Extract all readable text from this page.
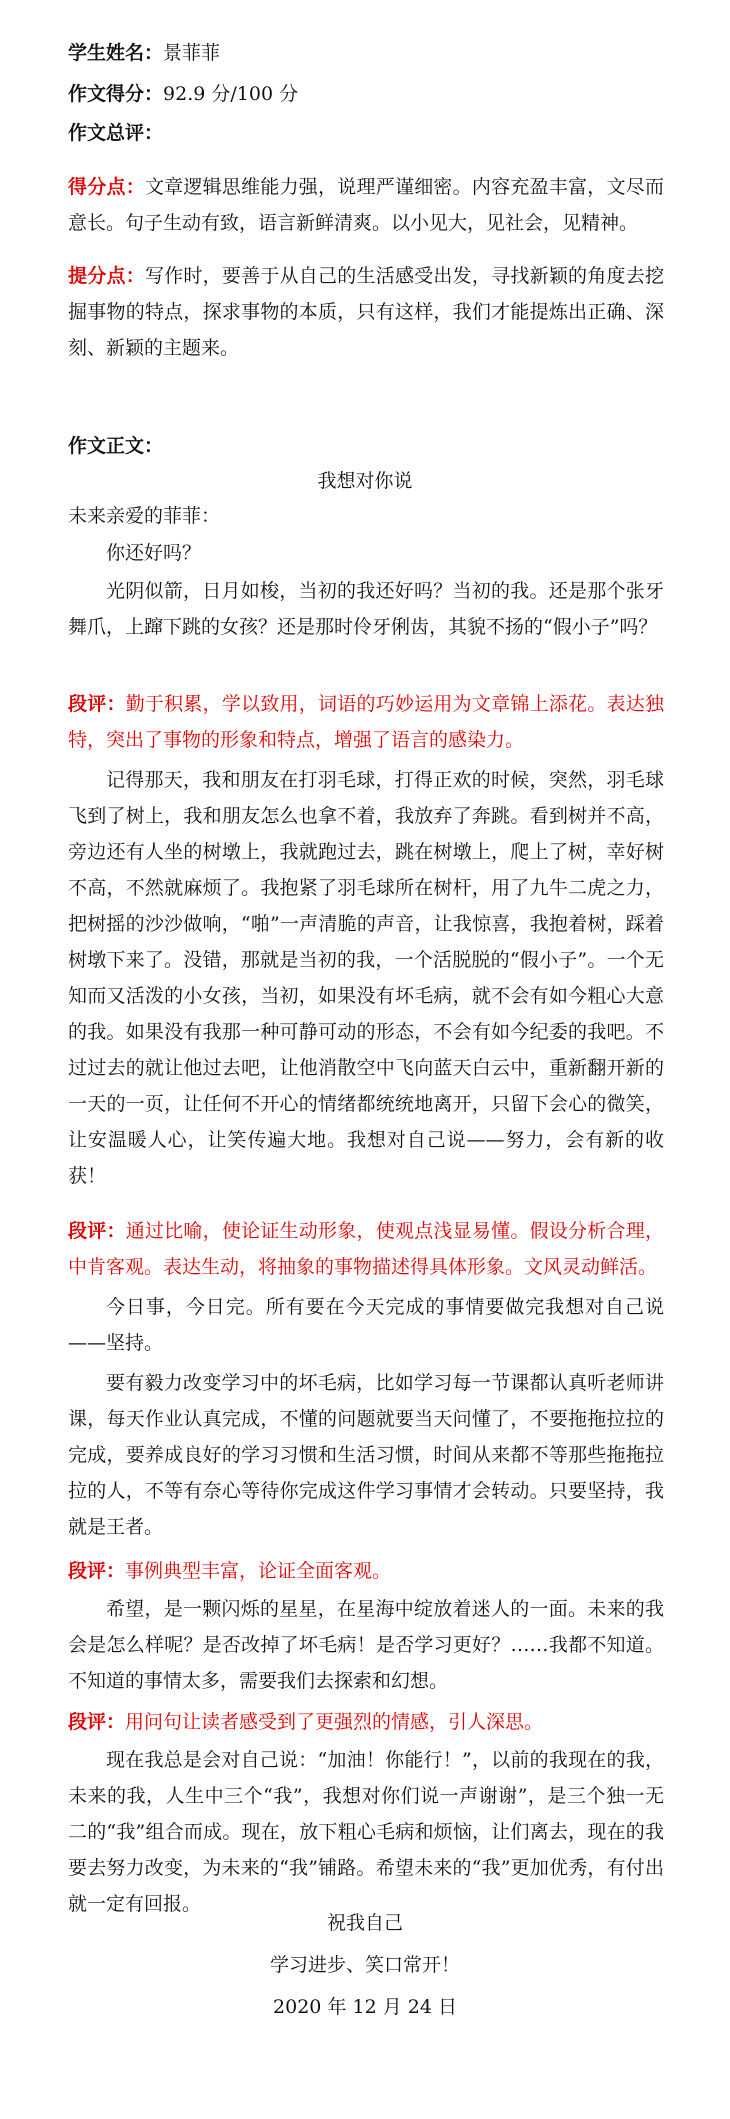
学生姓名：景菲菲

作文得分：92.9 分/100 分

作文总评：

得分点：文章逻辑思维能力强，说理严谨细密。内容充盈丰富，文尽而意长。句子生动有致，语言新鲜清爽。以小见大，见社会，见精神。

提分点：写作时，要善于从自己的生活感受出发，寻找新颖的角度去挖掘事物的特点，探求事物的本质，只有这样，我们才能提炼出正确、深刻、新颖的主题来。

作文正文：

我想对你说

未来亲爱的菲菲：

你还好吗？

光阴似箭，日月如梭，当初的我还好吗？当初的我。还是那个张牙舞爪，上蹿下跳的女孩？还是那时伶牙俐齿，其貌不扬的“假小子”吗？

段评：勤于积累，学以致用，词语的巧妙运用为文章锦上添花。表达独特，突出了事物的形象和特点，增强了语言的感染力。

记得那天，我和朋友在打羽毛球，打得正欢的时候，突然，羽毛球飞到了树上，我和朋友怎么也拿不着，我放弃了奔跳。看到树并不高，旁边还有人坐的树墩上，我就跑过去，跳在树墩上，爬上了树，幸好树不高，不然就麻烦了。我抱紧了羽毛球所在树杆，用了九牛二虎之力，把树摇的沙沙做响，“啪”一声清脆的声音，让我惊喜，我抱着树，踩着树墩下来了。没错，那就是当初的我，一个活脱脱的“假小子”。一个无知而又活泼的小女孩，当初，如果没有坏毛病，就不会有如今粗心大意的我。如果没有我那一种可静可动的形态，不会有如今纪委的我吧。不过过去的就让他过去吧，让他消散空中飞向蓝天白云中，重新翻开新的一天的一页，让任何不开心的情绪都统统地离开，只留下会心的微笑，让安温暖人心，让笑传遍大地。我想对自己说——努力，会有新的收获！

段评：通过比喻，使论证生动形象，使观点浅显易懂。假设分析合理，中肯客观。表达生动，将抽象的事物描述得具体形象。文风灵动鲜活。

今日事，今日完。所有要在今天完成的事情要做完我想对自己说——坚持。

要有毅力改变学习中的坏毛病，比如学习每一节课都认真听老师讲课，每天作业认真完成，不懂的问题就要当天问懂了，不要拖拖拉拉的完成，要养成良好的学习习惯和生活习惯，时间从来都不等那些拖拖拉拉的人，不等有奈心等待你完成这件学习事情才会转动。只要坚持，我就是王者。

段评：事例典型丰富，论证全面客观。

希望，是一颗闪烁的星星，在星海中绽放着迷人的一面。未来的我会是怎么样呢？是否改掉了坏毛病！是否学习更好？……我都不知道。不知道的事情太多，需要我们去探索和幻想。

段评：用问句让读者感受到了更强烈的情感，引人深思。

现在我总是会对自己说：“加油！你能行！”，以前的我现在的我，未来的我，人生中三个“我”，我想对你们说一声谢谢”，是三个独一无二的“我”组合而成。现在，放下粗心毛病和烦恼，让们离去，现在的我要去努力改变，为未来的“我”铺路。希望未来的“我”更加优秀，有付出就一定有回报。

祝我自己

学习进步、笑口常开！

2020 年 12 月 24 日
